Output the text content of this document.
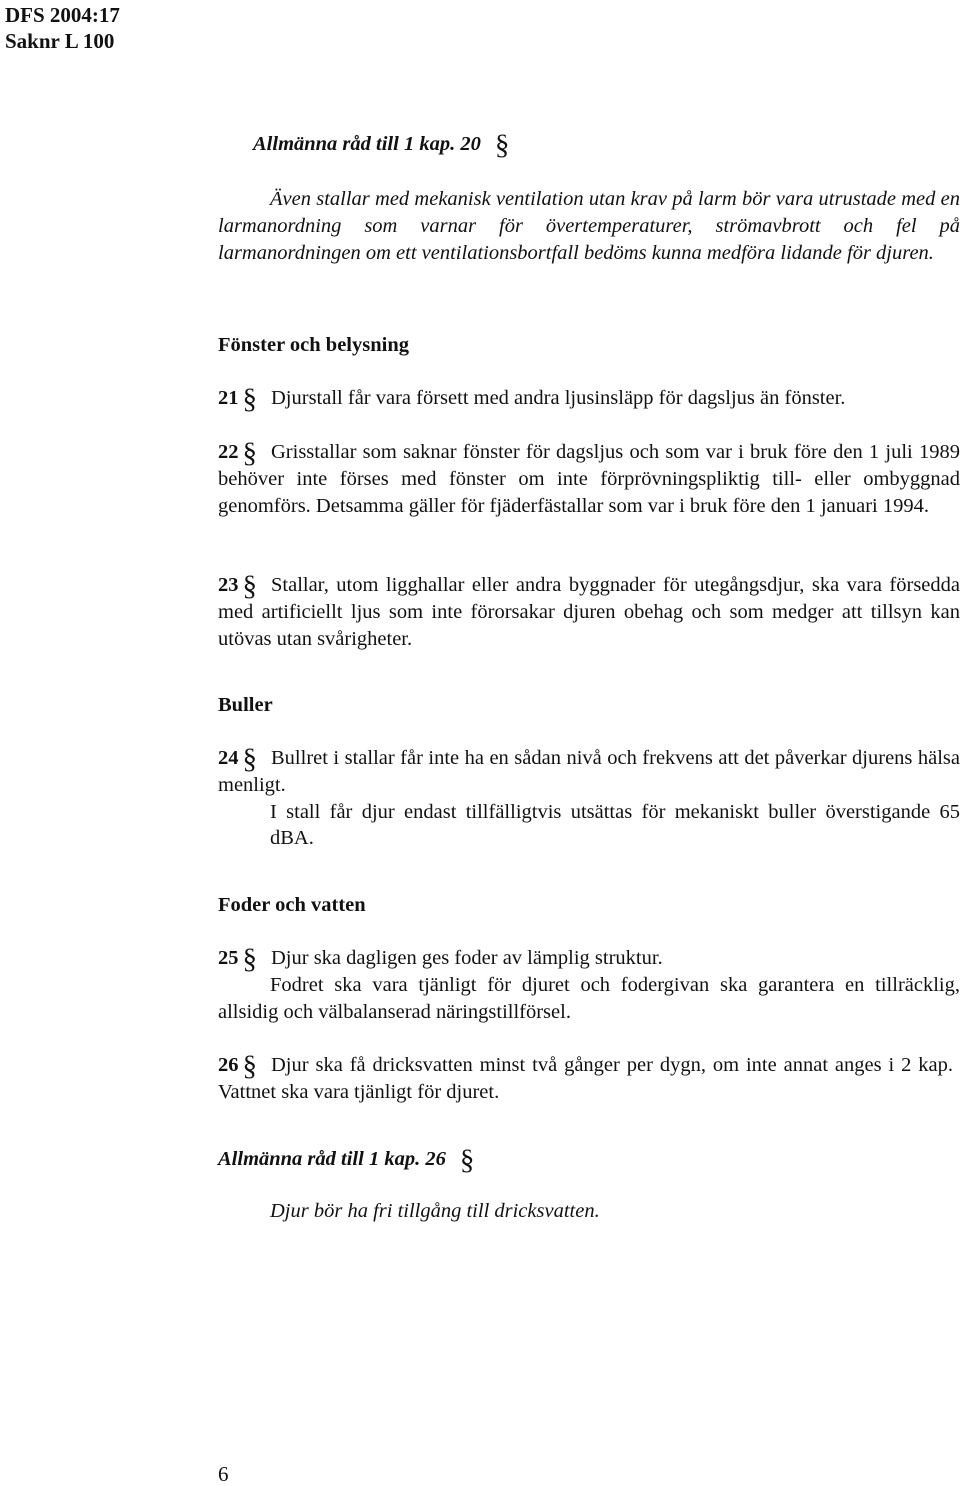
DFS 2004:17
Saknr L 100
Allmänna råd till 1 kap. 20 §
Även stallar med mekanisk ventilation utan krav på larm bör vara utrustade med en larmanordning som varnar för övertemperaturer, strömavbrott och fel på larmanordningen om ett ventilationsbortfall bedöms kunna medföra lidande för djuren.
Fönster och belysning
21 § Djurstall får vara försett med andra ljusinsläpp för dagsljus än fönster.
22 § Grisstallar som saknar fönster för dagsljus och som var i bruk före den 1 juli 1989 behöver inte förses med fönster om inte förprövningspliktig till- eller ombyggnad genomförs. Detsamma gäller för fjäderfästallar som var i bruk före den 1 januari 1994.
23 § Stallar, utom ligghallar eller andra byggnader för utegångsdjur, ska vara försedda med artificiellt ljus som inte förorsakar djuren obehag och som medger att tillsyn kan utövas utan svårigheter.
Buller
24 § Bullret i stallar får inte ha en sådan nivå och frekvens att det påverkar djurens hälsa menligt.
I stall får djur endast tillfälligtvis utsättas för mekaniskt buller överstigande 65 dBA.
Foder och vatten
25 § Djur ska dagligen ges foder av lämplig struktur.
Fodret ska vara tjänligt för djuret och fodergivan ska garantera en tillräcklig, allsidig och välbalanserad näringstillförsel.
26 § Djur ska få dricksvatten minst två gånger per dygn, om inte annat anges i 2 kap. Vattnet ska vara tjänligt för djuret.
Allmänna råd till 1 kap. 26 §
Djur bör ha fri tillgång till dricksvatten.
6
